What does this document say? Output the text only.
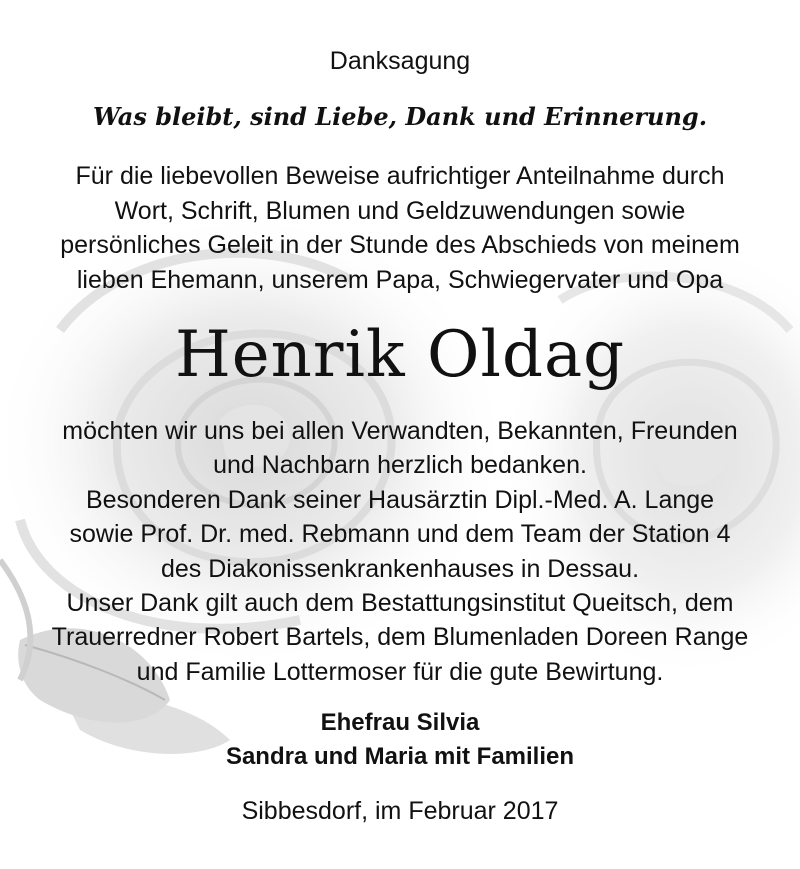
Danksagung
Was bleibt, sind Liebe, Dank und Erinnerung.
Für die liebevollen Beweise aufrichtiger Anteilnahme durch
Wort, Schrift, Blumen und Geldzuwendungen sowie
persönliches Geleit in der Stunde des Abschieds von meinem
lieben Ehemann, unserem Papa, Schwiegervater und Opa
Henrik Oldag
möchten wir uns bei allen Verwandten, Bekannten, Freunden
und Nachbarn herzlich bedanken.
Besonderen Dank seiner Hausärztin Dipl.-Med. A. Lange
sowie Prof. Dr. med. Rebmann und dem Team der Station 4
des Diakonissenkrankenhauses in Dessau.
Unser Dank gilt auch dem Bestattungsinstitut Queitsch, dem
Trauerredner Robert Bartels, dem Blumenladen Doreen Range
und Familie Lottermoser für die gute Bewirtung.
Ehefrau Silvia
Sandra und Maria mit Familien
Sibbesdorf, im Februar 2017
